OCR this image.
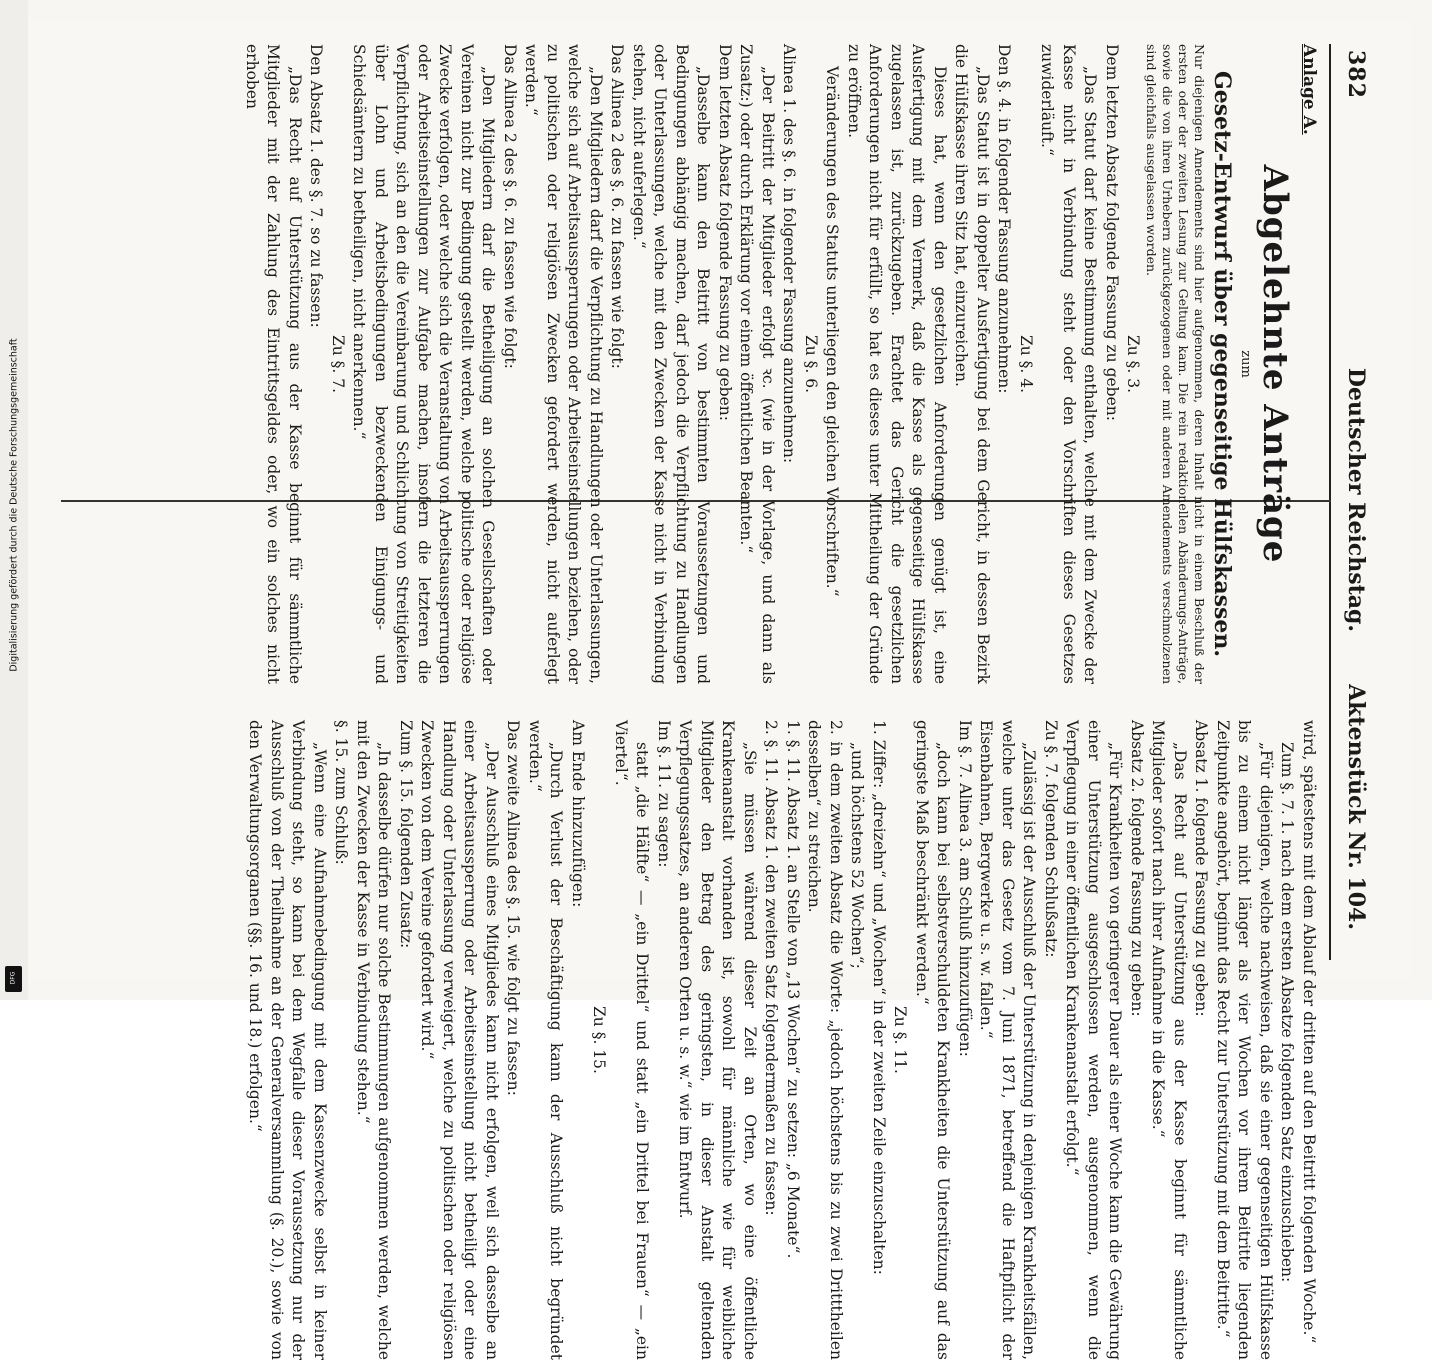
382
Deutscher Reichstag.
Aktenstück Nr. 104.

Anlage A.

Abgelehnte Anträge

zum

Gesetz-Entwurf über gegenseitige Hülfskassen.

Nur diejenigen Amendements sind hier aufgenommen, deren Inhalt nicht in einem Beschluß der ersten oder der zweiten Lesung zur Geltung kam. Die rein redaktionellen Abänderungs-Anträge, sowie die von ihren Urhebern zurückgezogenen oder mit anderen Amendements verschmolzenen sind gleichfalls ausgelassen worden.

Zu §. 3.

Dem letzten Absatz folgende Fassung zu geben:

„Das Statut darf keine Bestimmung enthalten, welche mit dem Zwecke der Kasse nicht in Verbindung steht oder den Vorschriften dieses Gesetzes zuwiderläuft.“

Zu §. 4.

Den §. 4. in folgender Fassung anzunehmen:

„Das Statut ist in doppelter Ausfertigung bei dem Gericht, in dessen Bezirk die Hülfskasse ihren Sitz hat, einzureichen.

Dieses hat, wenn den gesetzlichen Anforderungen genügt ist, eine Ausfertigung mit dem Vermerk, daß die Kasse als gegenseitige Hülfskasse zugelassen ist, zurückzugeben. Erachtet das Gericht die gesetzlichen Anforderungen nicht für erfüllt, so hat es dieses unter Mittheilung der Gründe zu eröffnen.

Veränderungen des Statuts unterliegen den gleichen Vorschriften.“

Zu §. 6.

Alinea 1. des §. 6. in folgender Fassung anzunehmen:

„Der Beitritt der Mitglieder erfolgt ꝛc. (wie in der Vorlage, und dann als Zusatz:) oder durch Erklärung vor einem öffentlichen Beamten.“

Dem letzten Absatz folgende Fassung zu geben:

„Dasselbe kann den Beitritt von bestimmten Voraussetzungen und Bedingungen abhängig machen, darf jedoch die Verpflichtung zu Handlungen oder Unterlassungen, welche mit den Zwecken der Kasse nicht in Verbindung stehen, nicht auferlegen.“

Das Alinea 2 des §. 6. zu fassen wie folgt:

„Den Mitgliedern darf die Verpflichtung zu Handlungen oder Unterlassungen, welche sich auf Arbeitsaussperrungen oder Arbeitseinstellungen beziehen, oder zu politischen oder religiösen Zwecken gefordert werden, nicht auferlegt werden.“

Das Alinea 2 des §. 6. zu fassen wie folgt:

„Den Mitgliedern darf die Betheiligung an solchen Gesellschaften oder Vereinen nicht zur Bedingung gestellt werden, welche politische oder religiöse Zwecke verfolgen, oder welche sich die Veranstaltung von Arbeitsaussperrungen oder Arbeitseinstellungen zur Aufgabe machen, insofern die letzteren die Verpflichtung, sich an den die Vereinbarung und Schlichtung von Streitigkeiten über Lohn und Arbeitsbedingungen bezweckenden Einigungs- und Schiedsämtern zu betheiligen, nicht anerkennen.“

Zu §. 7.

Den Absatz 1. des §. 7. so zu fassen:

„Das Recht auf Unterstützung aus der Kasse beginnt für sämmtliche Mitglieder mit der Zahlung des Eintrittsgeldes oder, wo ein solches nicht erhoben

wird, spätestens mit dem Ablauf der dritten auf den Beitritt folgenden Woche.“

Zum §. 7. 1. nach dem ersten Absatze folgenden Satz einzuschieben:

„Für diejenigen, welche nachweisen, daß sie einer gegenseitigen Hülfskasse bis zu einem nicht länger als vier Wochen vor ihrem Beitritte liegenden Zeitpunkte angehört, beginnt das Recht zur Unterstützung mit dem Beitritte.“

Absatz 1. folgende Fassung zu geben:

„Das Recht auf Unterstützung aus der Kasse beginnt für sämmtliche Mitglieder sofort nach ihrer Aufnahme in die Kasse.“

Absatz 2. folgende Fassung zu geben:

„Für Krankheiten von geringerer Dauer als einer Woche kann die Gewährung einer Unterstützung ausgeschlossen werden, ausgenommen, wenn die Verpflegung in einer öffentlichen Krankenanstalt erfolgt.“

Zu §. 7. folgenden Schlußsatz:

„Zulässig ist der Ausschluß der Unterstützung in denjenigen Krankheitsfällen, welche unter das Gesetz vom 7. Juni 1871, betreffend die Haftpflicht der Eisenbahnen, Bergwerke u. s. w. fallen.“

Im §. 7. Alinea 3. am Schluß hinzuzufügen:

„doch kann bei selbstverschuldeten Krankheiten die Unterstützung auf das geringste Maß beschränkt werden.“

Zu §. 11.

1. Ziffer: „dreizehn“ und „Wochen“ in der zweiten Zeile einzuschalten:

„und höchstens 52 Wochen“;

2. in dem zweiten Absatz die Worte: „jedoch höchstens bis zu zwei Dritttheilen desselben“ zu streichen.

1. §. 11. Absatz 1. an Stelle von „13 Wochen“ zu setzen: „6 Monate“.

2. §. 11. Absatz 1. den zweiten Satz folgendermaßen zu fassen:

„Sie müssen während dieser Zeit an Orten, wo eine öffentliche Krankenanstalt vorhanden ist, sowohl für männliche wie für weibliche Mitglieder den Betrag des geringsten, in dieser Anstalt geltenden Verpflegungssatzes, an anderen Orten u. s. w.“ wie im Entwurf.

Im §. 11. zu sagen:

statt „die Hälfte“ — „ein Drittel“ und statt „ein Drittel bei Frauen“ — „ein Viertel“.

Zu §. 15.

Am Ende hinzuzufügen:

„Durch Verlust der Beschäftigung kann der Ausschluß nicht begründet werden.“

Das zweite Alinea des §. 15. wie folgt zu fassen:

„Der Ausschluß eines Mitgliedes kann nicht erfolgen, weil sich dasselbe an einer Arbeitsaussperrung oder Arbeitseinstellung nicht betheiligt oder eine Handlung oder Unterlassung verweigert, welche zu politischen oder religiösen Zwecken von dem Vereine gefordert wird.“

Zum §. 15. folgenden Zusatz:

„In dasselbe dürfen nur solche Bestimmungen aufgenommen werden, welche mit den Zwecken der Kasse in Verbindung stehen.“

§. 15. zum Schluß:

„Wenn eine Aufnahmebedingung mit dem Kassenzwecke selbst in keiner Verbindung steht, so kann bei dem Wegfalle dieser Voraussetzung nur der Ausschluß von der Theilnahme an der Generalversammlung (§. 20.), sowie von den Verwaltungsorganen (§§. 16. und 18.) erfolgen.“

Digitalisierung gefördert durch die Deutsche Forschungsgemeinschaft
DFG
